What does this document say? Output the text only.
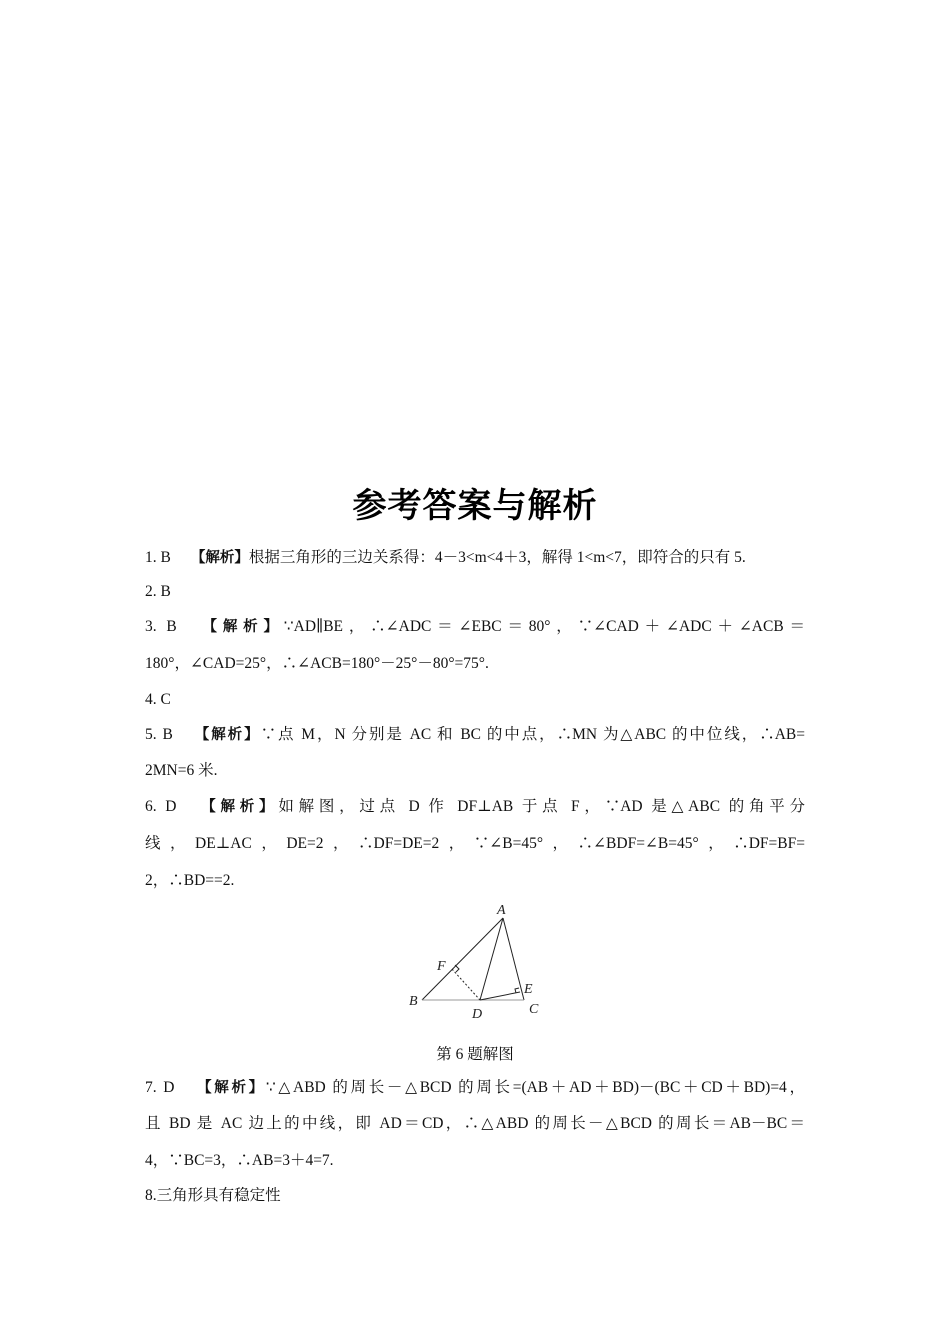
参考答案与解析
1. B 【解析】根据三角形的三边关系得：4－3<m<4＋3，解得 1<m<7，即符合的只有 5.
2. B
3. B 【解析】∵AD∥BE，∴∠ADC＝∠EBC＝80°，∵∠CAD＋∠ADC＋∠ACB＝
180°，∠CAD=25°，∴∠ACB=180°－25°－80°=75°.
4. C
5. B 【解析】∵点 M，N 分别是 AC 和 BC 的中点，∴MN 为△ABC 的中位线，∴AB=
2MN=6 米.
6. D 【解析】如解图，过点 D 作 DF⊥AB 于点 F，∵AD 是△ABC 的角平分
线，DE⊥AC，DE=2，∴DF=DE=2，∵∠B=45°，∴∠BDF=∠B=45°，∴DF=BF=
2，∴BD==2.
A
F
B
E
D	C
第 6 题解图
7. D 【解析】∵△ABD 的周长－△BCD 的周长=(AB＋AD＋BD)－(BC＋CD＋BD)=4，
且 BD 是 AC 边上的中线，即 AD＝CD，∴△ABD 的周长－△BCD 的周长＝AB－BC＝
4，∵BC=3，∴AB=3＋4=7.
8.三角形具有稳定性
